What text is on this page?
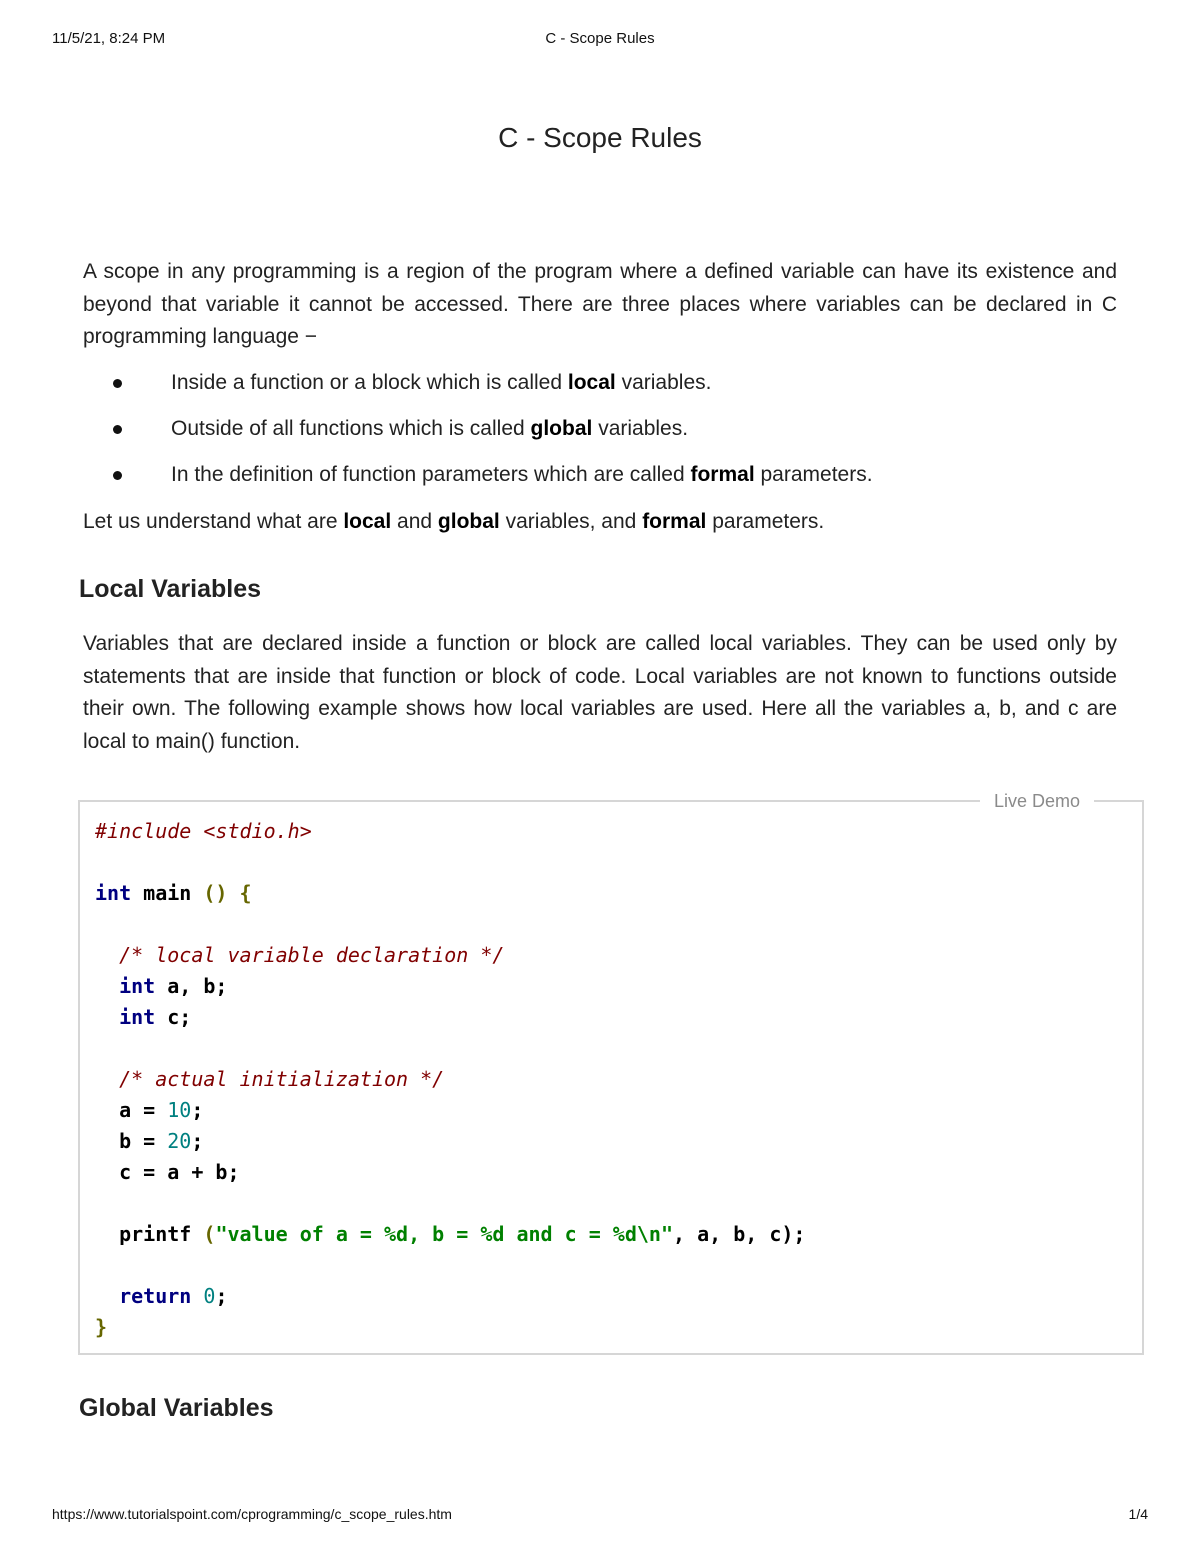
11/5/21, 8:24 PM	C - Scope Rules
C - Scope Rules

A scope in any programming is a region of the program where a defined variable can have its existence and beyond that variable it cannot be accessed. There are three places where variables can be declared in C programming language −

Inside a function or a block which is called local variables.
Outside of all functions which is called global variables.
In the definition of function parameters which are called formal parameters.

Let us understand what are local and global variables, and formal parameters.

Local Variables

Variables that are declared inside a function or block are called local variables. They can be used only by statements that are inside that function or block of code. Local variables are not known to functions outside their own. The following example shows how local variables are used. Here all the variables a, b, and c are local to main() function.

Live Demo
#include <stdio.h>
int main () {
/* local variable declaration */
int a, b;
int c;
/* actual initialization */
a = 10;
b = 20;
c = a + b;
printf ("value of a = %d, b = %d and c = %d\n", a, b, c);
return 0;
}
Global Variables
https://www.tutorialspoint.com/cprogramming/c_scope_rules.htm	1/4
